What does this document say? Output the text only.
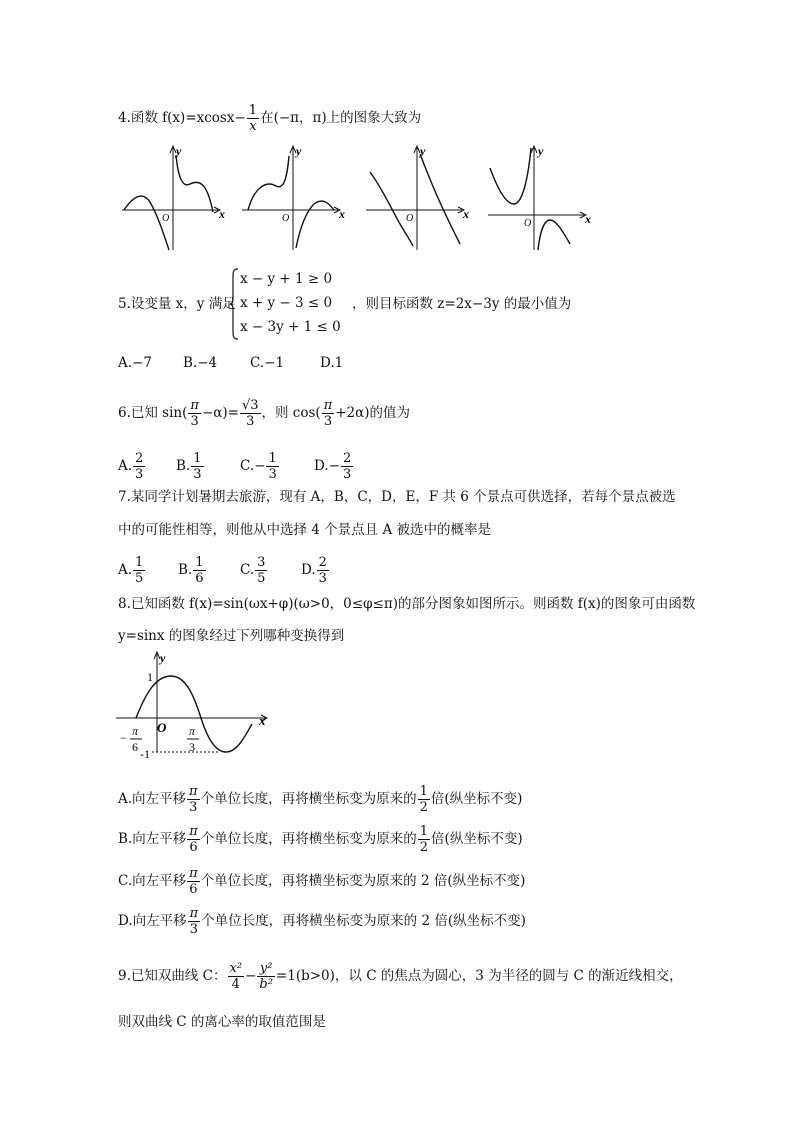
4.函数 $f(x)=xcosx- \frac{1}{x}$ 在(−π，π)上的图象大致为
y
x
O
y
x
O
y
x
O
y
x
O
5.设变量 x，y 满足
x − y + 1 ≥ 0
x + y − 3 ≤ 0
x − 3y + 1 ≤ 0
，则目标函数 z=2x−3y 的最小值为
A.−7 B.−4 C.−1	D.1
6.已知 $\sin( \frac{\pi}{3} -\alpha)= \frac{√3}{3}$ ，则 $\cos( \frac{\pi}{3} +2\alpha)$的值为
A. $\frac{2}{3} B$. $\frac{1}{3}$	$C.- \frac{1}{3}$	$D.- \frac{2}{3}$
7.某同学计划暑期去旅游，现有 A，B，C，D，E，F 共 6 个景点可供选择，若每个景点被选
中的可能性相等，则他从中选择 4 个景点且 A 被选中的概率是
A. $\frac{1}{5} B$. $\frac{1}{6}$	C. $\frac{3}{5} D$. $\frac{2}{3}$
8.已知函数 f(x)=sin(ωx+φ)(ω>0，0≤φ≤π)的部分图象如图所示。则函数 f(x)的图象可由函数
y=sinx 的图象经过下列哪种变换得到
y
x
O
1
-1
π
−
6
π
3
A.向左平移 $\frac{\pi}{3}$ 个单位长度，再将横坐标变为原来的 $\frac{1}{2}$ 倍(纵坐标不变)
B.向左平移 $\frac{\pi}{6}$ 个单位长度，再将横坐标变为原来的 $\frac{1}{2}$ 倍(纵坐标不变)
C.向左平移 $\frac{\pi}{6}$ 个单位长度，再将横坐标变为原来的 2 倍(纵坐标不变)
D.向左平移 $\frac{\pi}{3}$ 个单位长度，再将横坐标变为原来的 2 倍(纵坐标不变)
9.已知双曲线 C： $\frac{\text{x²}}{4} - \frac{\text{y²}}{\text{b²}} =1(b>0)$，以 C 的焦点为圆心，3 为半径的圆与 C 的渐近线相交，
则双曲线 C 的离心率的取值范围是
